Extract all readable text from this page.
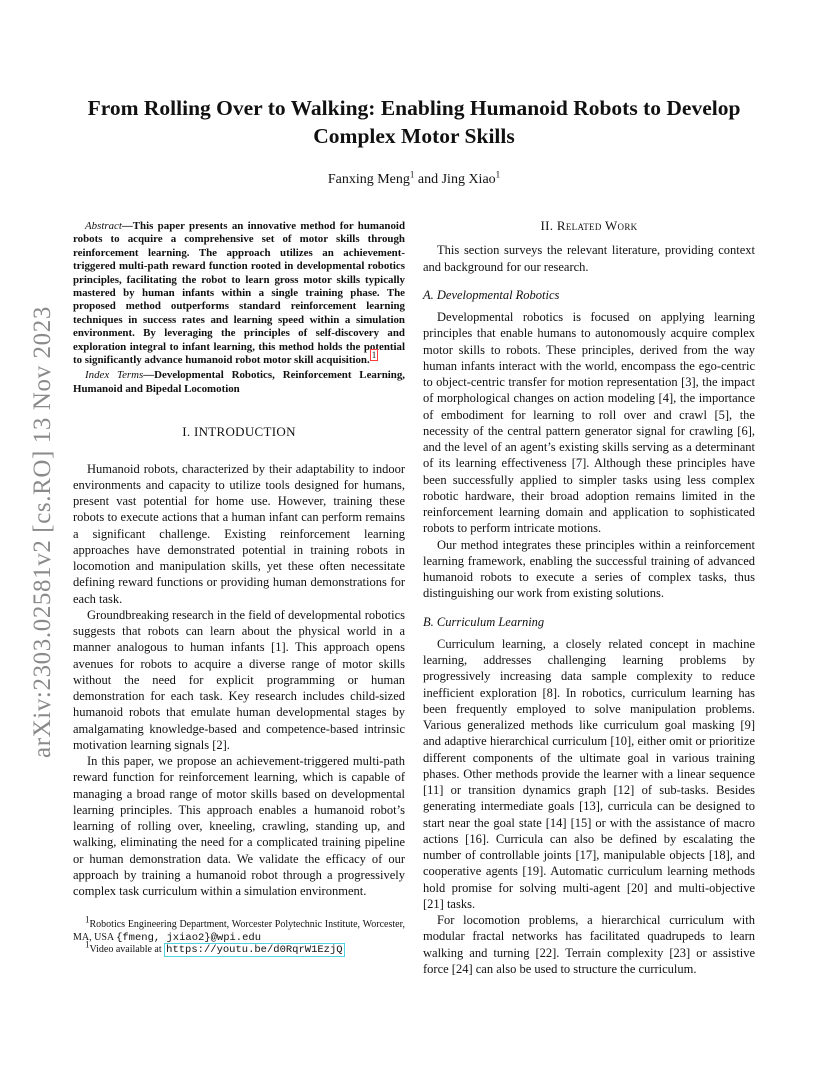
arXiv:2303.02581v2 [cs.RO] 13 Nov 2023
From Rolling Over to Walking: Enabling Humanoid Robots to Develop
Complex Motor Skills
Fanxing Meng$^1$ and Jing Xiao$^1$
Abstract—This paper presents an innovative method for humanoid robots to acquire a comprehensive set of motor skills through reinforcement learning. The approach utilizes an achievement-triggered multi-path reward function rooted in developmental robotics principles, facilitating the robot to learn gross motor skills typically mastered by human infants within a single training phase. The proposed method outperforms standard reinforcement learning techniques in success rates and learning speed within a simulation environment. By leveraging the principles of self-discovery and exploration integral to infant learning, this method holds the potential to significantly advance humanoid robot motor skill acquisition. $^1$
Index Terms—Developmental Robotics, Reinforcement Learning, Humanoid and Bipedal Locomotion
I. INTRODUCTION

Humanoid robots, characterized by their adaptability to indoor environments and capacity to utilize tools designed for humans, present vast potential for home use. However, training these robots to execute actions that a human infant can perform remains a significant challenge. Existing reinforcement learning approaches have demonstrated potential in training robots in locomotion and manipulation skills, yet these often necessitate defining reward functions or providing human demonstrations for each task.

Groundbreaking research in the field of developmental robotics suggests that robots can learn about the physical world in a manner analogous to human infants [1]. This approach opens avenues for robots to acquire a diverse range of motor skills without the need for explicit programming or human demonstration for each task. Key research includes child-sized humanoid robots that emulate human developmental stages by amalgamating knowledge-based and competence-based intrinsic motivation learning signals [2].

In this paper, we propose an achievement-triggered multi-path reward function for reinforcement learning, which is capable of managing a broad range of motor skills based on developmental learning principles. This approach enables a humanoid robot’s learning of rolling over, kneeling, crawling, standing up, and walking, eliminating the need for a complicated training pipeline or human demonstration data. We validate the efficacy of our approach by training a humanoid robot through a progressively complex task curriculum within a simulation environment.

$^1$Robotics Engineering Department, Worcester Polytechnic Institute, Worcester, MA, USA {fmeng, jxiao2}@wpi.edu
$^1$Video available at https://youtu.be/d0RqrW1EzjQ
II. Related Work

This section surveys the relevant literature, providing context and background for our research.

A. Developmental Robotics

Developmental robotics is focused on applying learning principles that enable humans to autonomously acquire complex motor skills to robots. These principles, derived from the way human infants interact with the world, encompass the ego-centric to object-centric transfer for motion representation [3], the impact of morphological changes on action modeling [4], the importance of embodiment for learning to roll over and crawl [5], the necessity of the central pattern generator signal for crawling [6], and the level of an agent’s existing skills serving as a determinant of its learning effectiveness [7]. Although these principles have been successfully applied to simpler tasks using less complex robotic hardware, their broad adoption remains limited in the reinforcement learning domain and application to sophisticated robots to perform intricate motions.

Our method integrates these principles within a reinforcement learning framework, enabling the successful training of advanced humanoid robots to execute a series of complex tasks, thus distinguishing our work from existing solutions.

B. Curriculum Learning

Curriculum learning, a closely related concept in machine learning, addresses challenging learning problems by progressively increasing data sample complexity to reduce inefficient exploration [8]. In robotics, curriculum learning has been frequently employed to solve manipulation problems. Various generalized methods like curriculum goal masking [9] and adaptive hierarchical curriculum [10], either omit or prioritize different components of the ultimate goal in various training phases. Other methods provide the learner with a linear sequence [11] or transition dynamics graph [12] of sub-tasks. Besides generating intermediate goals [13], curricula can be designed to start near the goal state [14] [15] or with the assistance of macro actions [16]. Curricula can also be defined by escalating the number of controllable joints [17], manipulable objects [18], and cooperative agents [19]. Automatic curriculum learning methods hold promise for solving multi-agent [20] and multi-objective [21] tasks.

For locomotion problems, a hierarchical curriculum with modular fractal networks has facilitated quadrupeds to learn walking and turning [22]. Terrain complexity [23] or assistive force [24] can also be used to structure the curriculum.
